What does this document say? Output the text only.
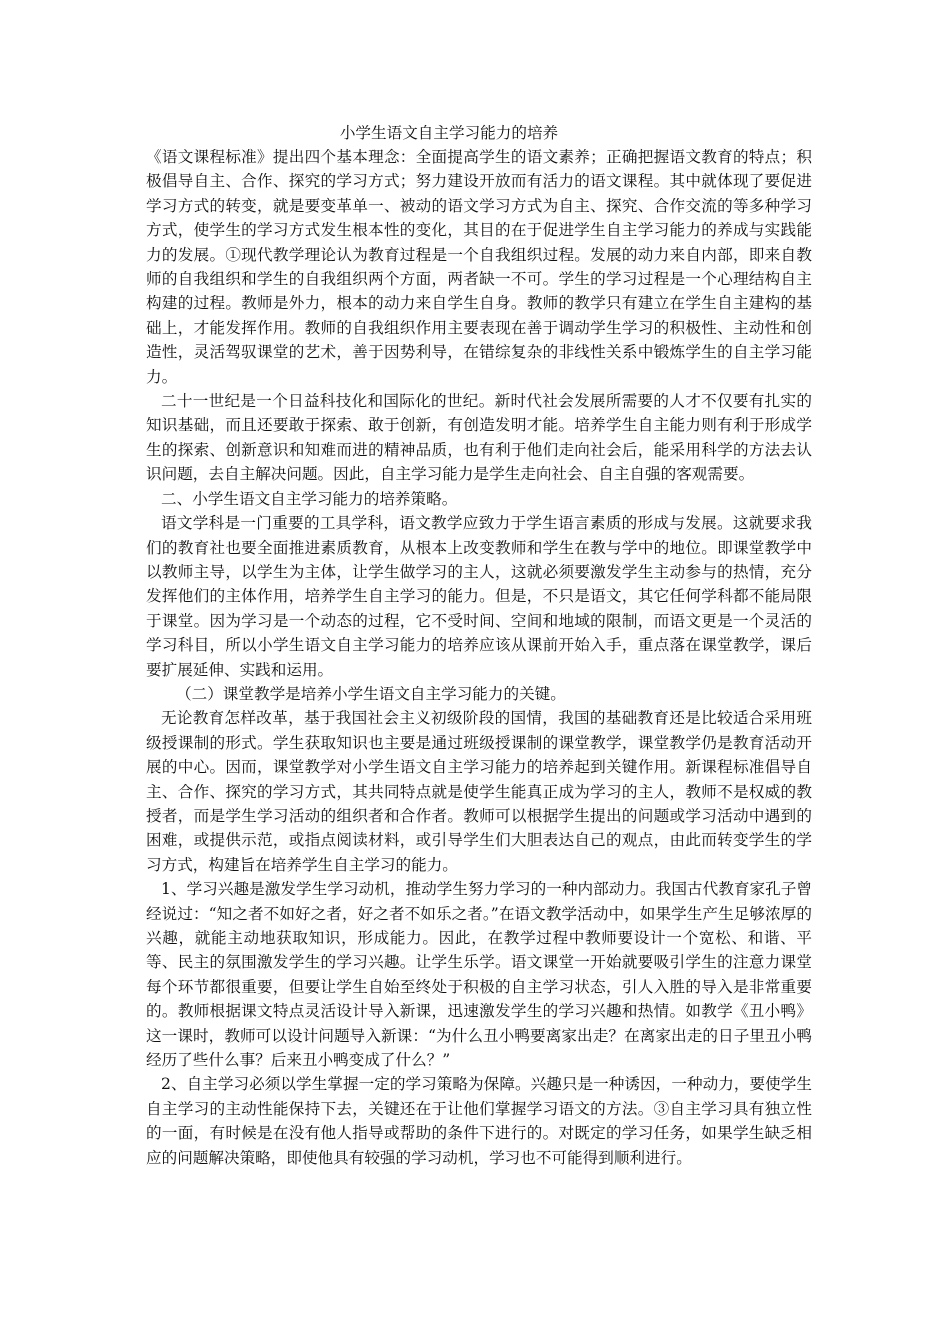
小学生语文自主学习能力的培养

《语文课程标准》提出四个基本理念：全面提高学生的语文素养；正确把握语文教育的特点；积极倡导自主、合作、探究的学习方式；努力建设开放而有活力的语文课程。其中就体现了要促进学习方式的转变，就是要变革单一、被动的语文学习方式为自主、探究、合作交流的等多种学习方式，使学生的学习方式发生根本性的变化，其目的在于促进学生自主学习能力的养成与实践能力的发展。①现代教学理论认为教育过程是一个自我组织过程。发展的动力来自内部，即来自教师的自我组织和学生的自我组织两个方面，两者缺一不可。学生的学习过程是一个心理结构自主构建的过程。教师是外力，根本的动力来自学生自身。教师的教学只有建立在学生自主建构的基础上，才能发挥作用。教师的自我组织作用主要表现在善于调动学生学习的积极性、主动性和创造性，灵活驾驭课堂的艺术，善于因势利导，在错综复杂的非线性关系中锻炼学生的自主学习能力。

二十一世纪是一个日益科技化和国际化的世纪。新时代社会发展所需要的人才不仅要有扎实的知识基础，而且还要敢于探索、敢于创新，有创造发明才能。培养学生自主能力则有利于形成学生的探索、创新意识和知难而进的精神品质，也有利于他们走向社会后，能采用科学的方法去认识问题，去自主解决问题。因此，自主学习能力是学生走向社会、自主自强的客观需要。

二、小学生语文自主学习能力的培养策略。

语文学科是一门重要的工具学科，语文教学应致力于学生语言素质的形成与发展。这就要求我们的教育社也要全面推进素质教育，从根本上改变教师和学生在教与学中的地位。即课堂教学中以教师主导，以学生为主体，让学生做学习的主人，这就必须要激发学生主动参与的热情，充分发挥他们的主体作用，培养学生自主学习的能力。但是，不只是语文，其它任何学科都不能局限于课堂。因为学习是一个动态的过程，它不受时间、空间和地域的限制，而语文更是一个灵活的学习科目，所以小学生语文自主学习能力的培养应该从课前开始入手，重点落在课堂教学，课后要扩展延伸、实践和运用。

（二）课堂教学是培养小学生语文自主学习能力的关键。

无论教育怎样改革，基于我国社会主义初级阶段的国情，我国的基础教育还是比较适合采用班级授课制的形式。学生获取知识也主要是通过班级授课制的课堂教学，课堂教学仍是教育活动开展的中心。因而，课堂教学对小学生语文自主学习能力的培养起到关键作用。新课程标准倡导自主、合作、探究的学习方式，其共同特点就是使学生能真正成为学习的主人，教师不是权威的教授者，而是学生学习活动的组织者和合作者。教师可以根据学生提出的问题或学习活动中遇到的困难，或提供示范，或指点阅读材料，或引导学生们大胆表达自己的观点，由此而转变学生的学习方式，构建旨在培养学生自主学习的能力。

1、学习兴趣是激发学生学习动机，推动学生努力学习的一种内部动力。我国古代教育家孔子曾经说过：“知之者不如好之者，好之者不如乐之者。”在语文教学活动中，如果学生产生足够浓厚的兴趣，就能主动地获取知识，形成能力。因此，在教学过程中教师要设计一个宽松、和谐、平等、民主的氛围激发学生的学习兴趣。让学生乐学。语文课堂一开始就要吸引学生的注意力课堂每个环节都很重要，但要让学生自始至终处于积极的自主学习状态，引人入胜的导入是非常重要的。教师根据课文特点灵活设计导入新课，迅速激发学生的学习兴趣和热情。如教学《丑小鸭》这一课时，教师可以设计问题导入新课：“为什么丑小鸭要离家出走？在离家出走的日子里丑小鸭经历了些什么事？后来丑小鸭变成了什么？”

2、自主学习必须以学生掌握一定的学习策略为保障。兴趣只是一种诱因，一种动力，要使学生自主学习的主动性能保持下去，关键还在于让他们掌握学习语文的方法。③自主学习具有独立性的一面，有时候是在没有他人指导或帮助的条件下进行的。对既定的学习任务，如果学生缺乏相应的问题解决策略，即使他具有较强的学习动机，学习也不可能得到顺利进行。
